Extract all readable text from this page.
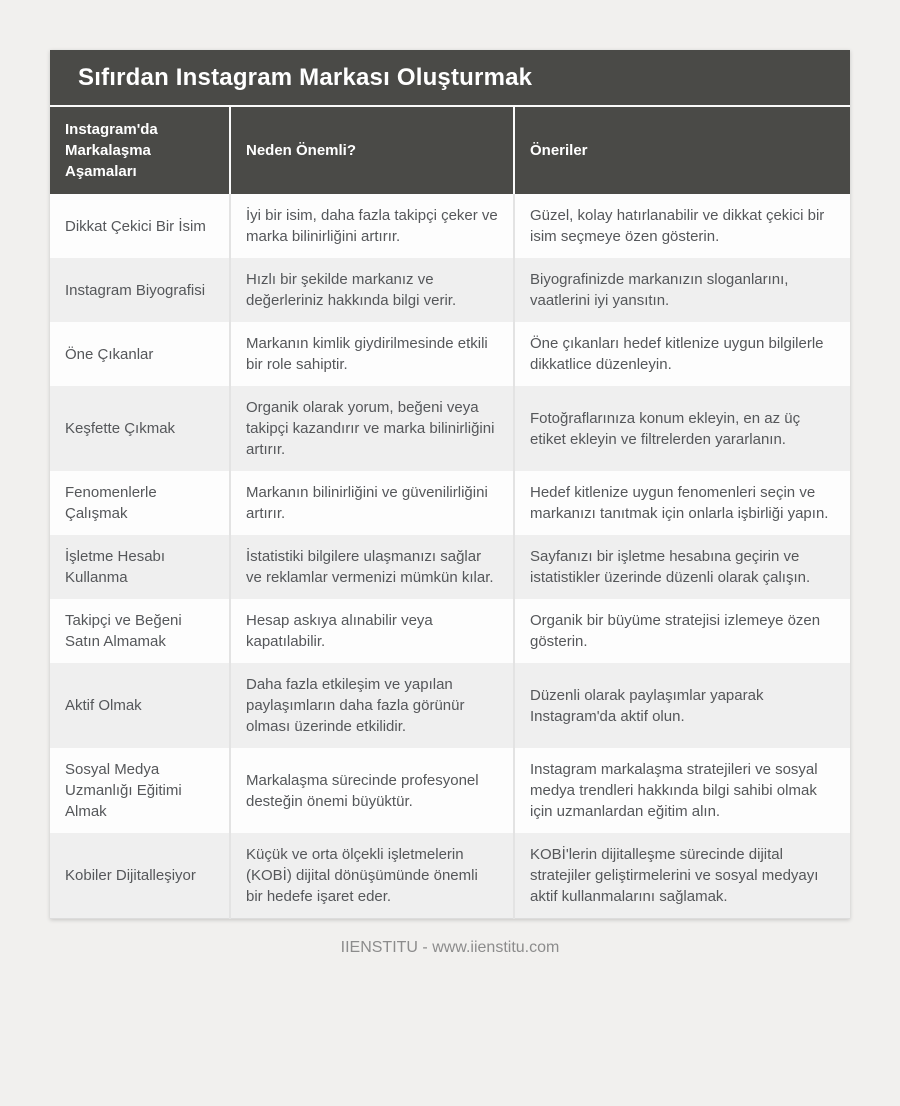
Sıfırdan Instagram Markası Oluşturmak
Instagram'da Markalaşma Aşamaları	Neden Önemli?	Öneriler
Dikkat Çekici Bir İsim	İyi bir isim, daha fazla takipçi çeker ve marka bilinirliğini artırır.	Güzel, kolay hatırlanabilir ve dikkat çekici bir isim seçmeye özen gösterin.
Instagram Biyografisi	Hızlı bir şekilde markanız ve değerleriniz hakkında bilgi verir.	Biyografinizde markanızın sloganlarını, vaatlerini iyi yansıtın.
Öne Çıkanlar	Markanın kimlik giydirilmesinde etkili bir role sahiptir.	Öne çıkanları hedef kitlenize uygun bilgilerle dikkatlice düzenleyin.
Keşfette Çıkmak	Organik olarak yorum, beğeni veya takipçi kazandırır ve marka bilinirliğini artırır.	Fotoğraflarınıza konum ekleyin, en az üç etiket ekleyin ve filtrelerden yararlanın.
Fenomenlerle Çalışmak	Markanın bilinirliğini ve güvenilirliğini artırır.	Hedef kitlenize uygun fenomenleri seçin ve markanızı tanıtmak için onlarla işbirliği yapın.
İşletme Hesabı Kullanma	İstatistiki bilgilere ulaşmanızı sağlar ve reklamlar vermenizi mümkün kılar.	Sayfanızı bir işletme hesabına geçirin ve istatistikler üzerinde düzenli olarak çalışın.
Takipçi ve Beğeni Satın Almamak	Hesap askıya alınabilir veya kapatılabilir.	Organik bir büyüme stratejisi izlemeye özen gösterin.
Aktif Olmak	Daha fazla etkileşim ve yapılan paylaşımların daha fazla görünür olması üzerinde etkilidir.	Düzenli olarak paylaşımlar yaparak Instagram'da aktif olun.
Sosyal Medya Uzmanlığı Eğitimi Almak	Markalaşma sürecinde profesyonel desteğin önemi büyüktür.	Instagram markalaşma stratejileri ve sosyal medya trendleri hakkında bilgi sahibi olmak için uzmanlardan eğitim alın.
Kobiler Dijitalleşiyor	Küçük ve orta ölçekli işletmelerin (KOBİ) dijital dönüşümünde önemli bir hedefe işaret eder.	KOBİ'lerin dijitalleşme sürecinde dijital stratejiler geliştirmelerini ve sosyal medyayı aktif kullanmalarını sağlamak.
IIENSTITU - www.iienstitu.com
